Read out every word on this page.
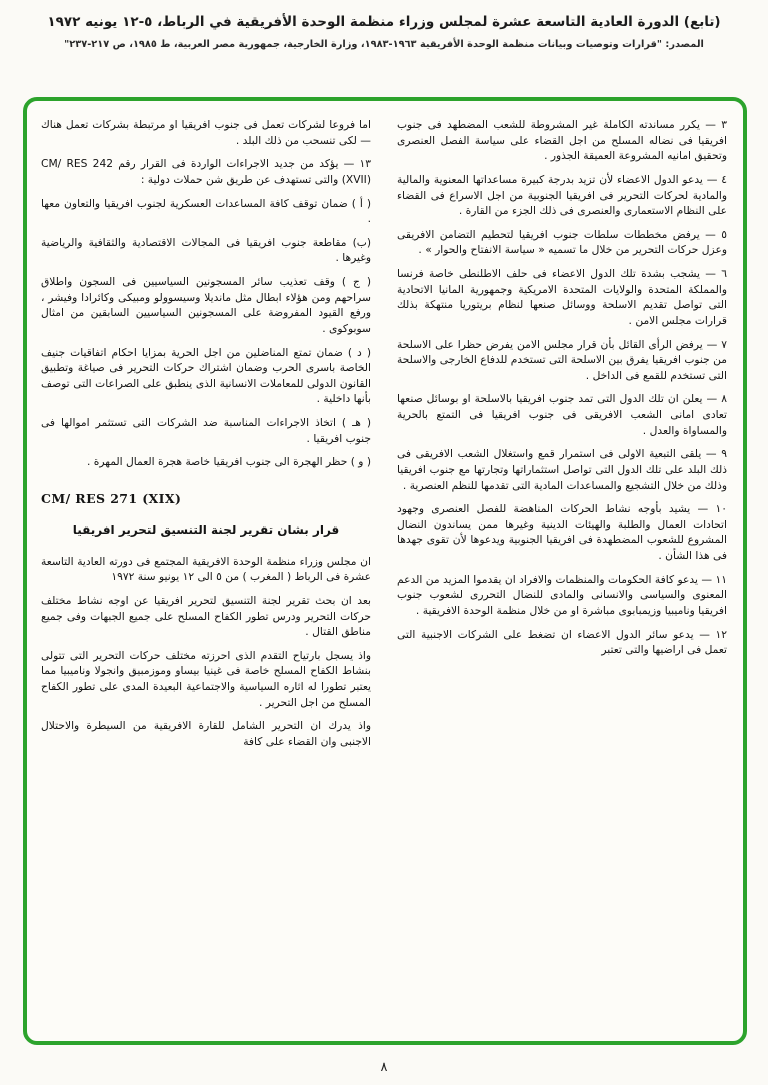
(تابع) الدورة العادية التاسعة عشرة لمجلس وزراء منظمة الوحدة الأفريقية في الرباط، ٥-١٢ يونيه ١٩٧٢
المصدر: "قرارات وتوصيات وبيانات منظمة الوحدة الأفريقية ١٩٦٣-١٩٨٣، وزارة الخارجية، جمهورية مصر العربية، ط ١٩٨٥، ص ٢١٧-٢٣٧"

٣ — يكرر مساندته الكاملة غير المشروطة للشعب المضطهد فى جنوب افريقيا فى نضاله المسلح من اجل القضاء على سياسة الفصل العنصرى وتحقيق امانيه المشروعة العميقة الجذور .

٤ — يدعو الدول الاعضاء لأن تزيد بدرجة كبيرة مساعداتها المعنوية والمالية والمادية لحركات التحرير فى افريقيا الجنوبية من اجل الاسراع فى القضاء على النظام الاستعمارى والعنصرى فى ذلك الجزء من القارة .

٥ — يرفض مخططات سلطات جنوب افريقيا لتحطيم التضامن الافريقى وعزل حركات التحرير من خلال ما تسميه « سياسة الانفتاح والحوار » .

٦ — يشجب بشدة تلك الدول الاعضاء فى حلف الاطلنطى خاصة فرنسا والمملكة المتحدة والولايات المتحدة الامريكية وجمهورية المانيا الاتحادية التى تواصل تقديم الاسلحة ووسائل صنعها لنظام بريتوريا منتهكة بذلك قرارات مجلس الامن .

٧ — يرفض الرأى القائل بأن قرار مجلس الامن يفرض حظرا على الاسلحة من جنوب افريقيا يفرق بين الاسلحة التى تستخدم للدفاع الخارجى والاسلحة التى تستخدم للقمع فى الداخل .

٨ — يعلن ان تلك الدول التى تمد جنوب افريقيا بالاسلحة او بوسائل صنعها تعادى امانى الشعب الافريقى فى جنوب افريقيا فى التمتع بالحرية والمساواة والعدل .

٩ — يلقى التبعية الاولى فى استمرار قمع واستغلال الشعب الافريقى فى ذلك البلد على تلك الدول التى تواصل استثماراتها وتجارتها مع جنوب افريقيا وذلك من خلال التشجيع والمساعدات المادية التى تقدمها للنظم العنصرية .

١٠ — يشيد بأوجه نشاط الحركات المناهضة للفصل العنصرى وجهود اتحادات العمال والطلبة والهيئات الدينية وغيرها ممن يساندون النضال المشروع للشعوب المضطهدة فى افريقيا الجنوبية ويدعوها لأن تقوى جهدها فى هذا الشأن .

١١ — يدعو كافة الحكومات والمنظمات والافراد ان يقدموا المزيد من الدعم المعنوى والسياسى والانسانى والمادى للنضال التحررى لشعوب جنوب افريقيا وناميبيا وزيمبابوى مباشرة او من خلال منظمة الوحدة الافريقية .

١٢ — يدعو سائر الدول الاعضاء ان تضغط على الشركات الاجنبية التى تعمل فى اراضيها والتى تعتبر

اما فروعا لشركات تعمل فى جنوب افريقيا او مرتبطة بشركات تعمل هناك — لكى تنسحب من ذلك البلد .

١٣ — يؤكد من جديد الاجراءات الواردة فى القرار رقم CM/ RES 242 (XVII) والتى تستهدف عن طريق شن حملات دولية :

( أ ) ضمان توقف كافة المساعدات العسكرية لجنوب افريقيا والتعاون معها .

(ب) مقاطعة جنوب افريقيا فى المجالات الاقتصادية والثقافية والرياضية وغيرها .

( ج ) وقف تعذيب سائر المسجونين السياسيين فى السجون واطلاق سراحهم ومن هؤلاء ابطال مثل مانديلا وسيسوولو ومبيكى وكائرادا وفيشر ، ورفع القيود المفروضة على المسجونين السياسيين السابقين من امثال سوبوكوى .

( د ) ضمان تمتع المناضلين من اجل الحرية بمزايا احكام اتفاقيات جنيف الخاصة باسرى الحرب وضمان اشتراك حركات التحرير فى صياغة وتطبيق القانون الدولى للمعاملات الانسانية الذى ينطبق على الصراعات التى توصف بأنها داخلية .

( هـ ) اتخاذ الاجراءات المناسبة ضد الشركات التى تستثمر اموالها فى جنوب افريقيا .

( و ) حظر الهجرة الى جنوب افريقيا خاصة هجرة العمال المهرة .

CM/ RES 271 (XIX)

قرار بشان تقرير لجنة التنسيق لتحرير افريقيا

ان مجلس وزراء منظمة الوحدة الافريقية المجتمع فى دورته العادية التاسعة عشرة فى الرباط ( المغرب ) من ٥ الى ١٢ يونيو سنة ١٩٧٢

بعد ان بحث تقرير لجنة التنسيق لتحرير افريقيا عن اوجه نشاط مختلف حركات التحرير ودرس تطور الكفاح المسلح على جميع الجبهات وفى جميع مناطق القتال .

واذ يسجل بارتياح التقدم الذى احرزته مختلف حركات التحرير التى تتولى بنشاط الكفاح المسلح خاصة فى غينيا بيساو وموزمبيق وانجولا وناميبيا مما يعتبر تطورا له اثاره السياسية والاجتماعية البعيدة المدى على تطور الكفاح المسلح من اجل التحرير .

واذ يدرك ان التحرير الشامل للقارة الافريقية من السيطرة والاحتلال الاجنبى وان القضاء على كافة

٨
